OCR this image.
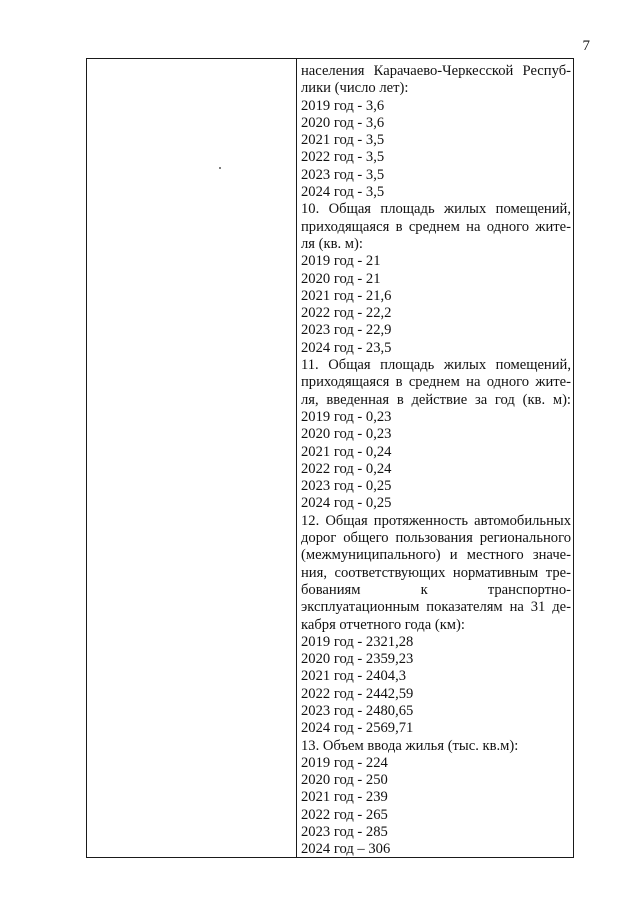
7
населения Карачаево-Черкесской Респуб-
лики (число лет):
2019 год - 3,6
2020 год - 3,6
2021 год - 3,5
2022 год - 3,5
2023 год - 3,5
2024 год - 3,5
10. Общая площадь жилых помещений,
приходящаяся в среднем на одного жите-
ля (кв. м):
2019 год - 21
2020 год - 21
2021 год - 21,6
2022 год - 22,2
2023 год - 22,9
2024 год - 23,5
11. Общая площадь жилых помещений,
приходящаяся в среднем на одного жите-
ля, введенная в действие за год (кв. м):
2019 год - 0,23
2020 год - 0,23
2021 год - 0,24
2022 год - 0,24
2023 год - 0,25
2024 год - 0,25
12. Общая протяженность автомобильных
дорог общего пользования регионального
(межмуниципального) и местного значе-
ния, соответствующих нормативным тре-
бованиям к транспортно-
эксплуатационным показателям на 31 де-
кабря отчетного года (км):
2019 год - 2321,28
2020 год - 2359,23
2021 год - 2404,3
2022 год - 2442,59
2023 год - 2480,65
2024 год - 2569,71
13. Объем ввода жилья (тыс. кв.м):
2019 год - 224
2020 год - 250
2021 год - 239
2022 год - 265
2023 год - 285
2024 год – 306
